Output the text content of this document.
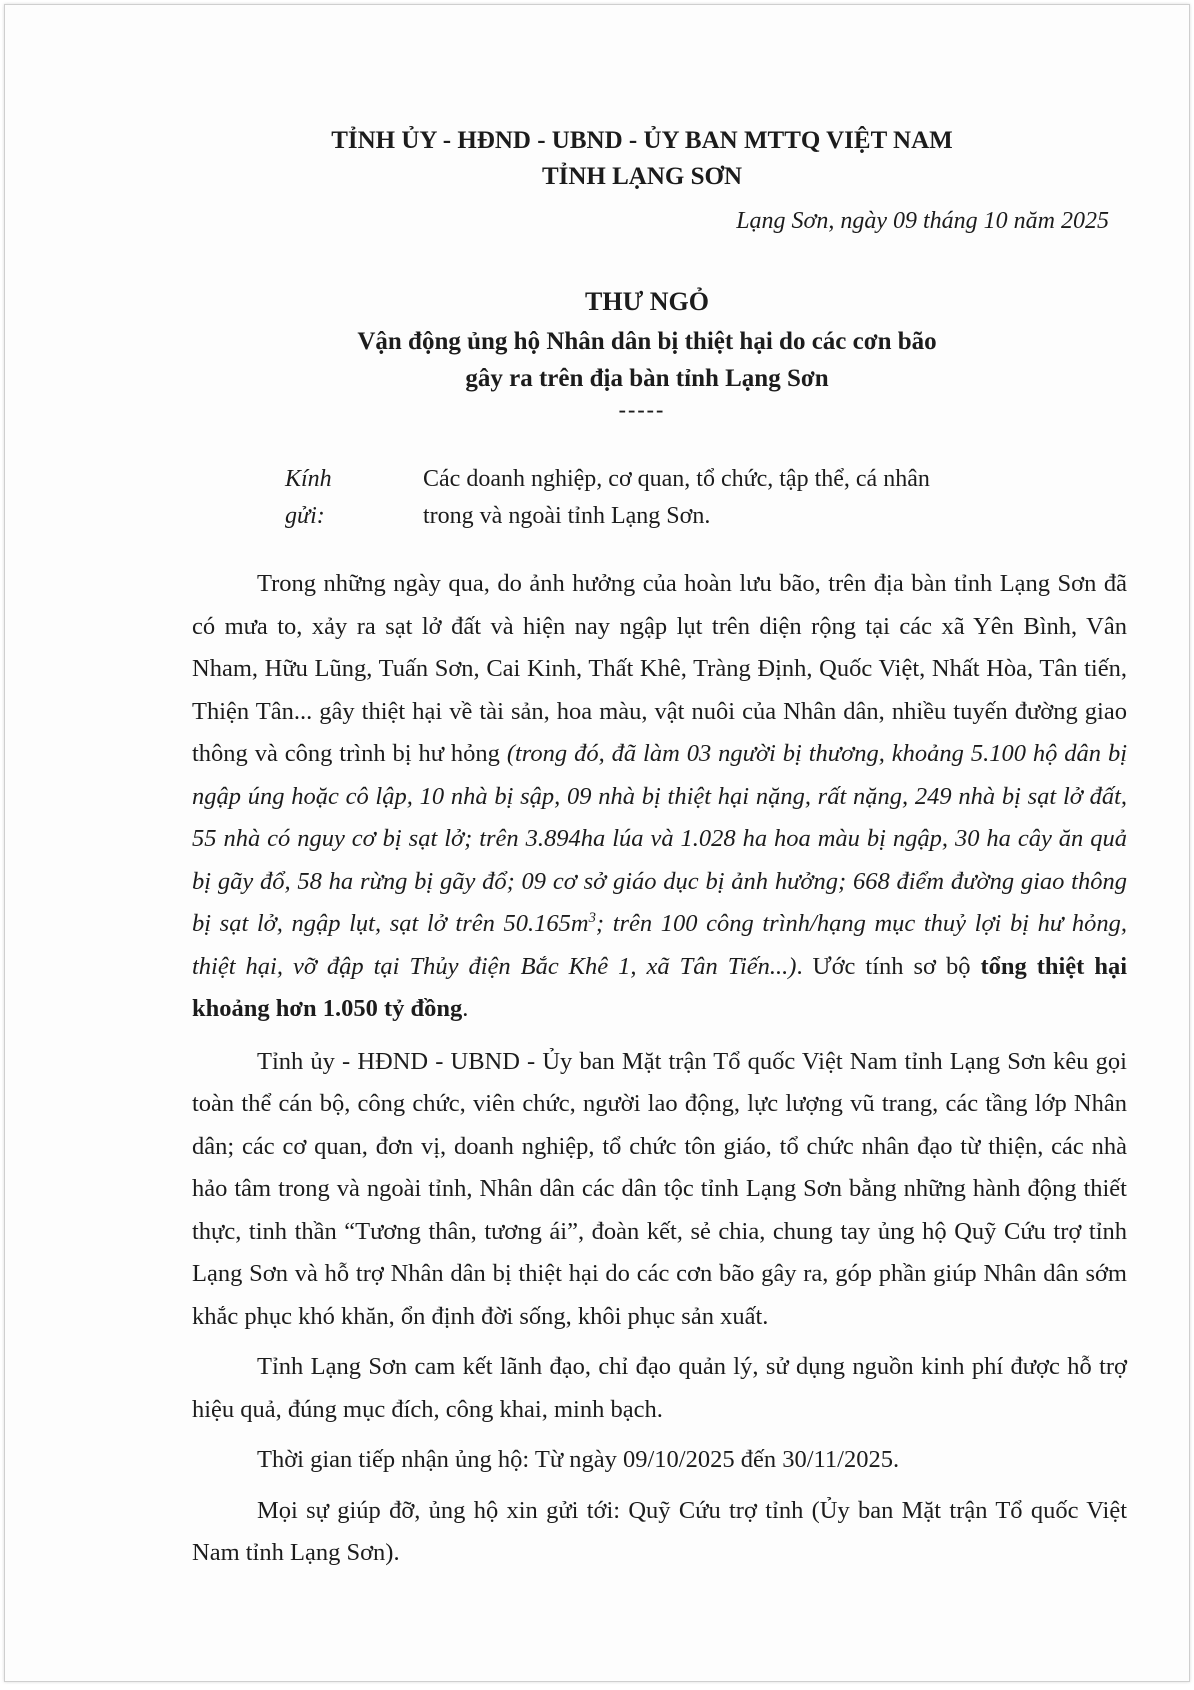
TỈNH ỦY - HĐND - UBND - ỦY BAN MTTQ VIỆT NAM
TỈNH LẠNG SƠN
Lạng Sơn, ngày 09 tháng 10 năm 2025
THƯ NGỎ
Vận động ủng hộ Nhân dân bị thiệt hại do các cơn bão
gây ra trên địa bàn tỉnh Lạng Sơn
-----
Kính gửi:
Các doanh nghiệp, cơ quan, tổ chức, tập thể, cá nhân
trong và ngoài tỉnh Lạng Sơn.

Trong những ngày qua, do ảnh hưởng của hoàn lưu bão, trên địa bàn tỉnh Lạng Sơn đã có mưa to, xảy ra sạt lở đất và hiện nay ngập lụt trên diện rộng tại các xã Yên Bình, Vân Nham, Hữu Lũng, Tuấn Sơn, Cai Kinh, Thất Khê, Tràng Định, Quốc Việt, Nhất Hòa, Tân tiến, Thiện Tân... gây thiệt hại về tài sản, hoa màu, vật nuôi của Nhân dân, nhiều tuyến đường giao thông và công trình bị hư hỏng (trong đó, đã làm 03 người bị thương, khoảng 5.100 hộ dân bị ngập úng hoặc cô lập, 10 nhà bị sập, 09 nhà bị thiệt hại nặng, rất nặng, 249 nhà bị sạt lở đất, 55 nhà có nguy cơ bị sạt lở; trên 3.894ha lúa và 1.028 ha hoa màu bị ngập, 30 ha cây ăn quả bị gãy đổ, 58 ha rừng bị gãy đổ; 09 cơ sở giáo dục bị ảnh hưởng; 668 điểm đường giao thông bị sạt lở, ngập lụt, sạt lở trên $50.165m^3$; trên 100 công trình/hạng mục thuỷ lợi bị hư hỏng, thiệt hại, vỡ đập tại Thủy điện Bắc Khê 1, xã Tân Tiến...). Ước tính sơ bộ tổng thiệt hại khoảng hơn 1.050 tỷ đồng.

Tỉnh ủy - HĐND - UBND - Ủy ban Mặt trận Tổ quốc Việt Nam tỉnh Lạng Sơn kêu gọi toàn thể cán bộ, công chức, viên chức, người lao động, lực lượng vũ trang, các tầng lớp Nhân dân; các cơ quan, đơn vị, doanh nghiệp, tổ chức tôn giáo, tổ chức nhân đạo từ thiện, các nhà hảo tâm trong và ngoài tỉnh, Nhân dân các dân tộc tỉnh Lạng Sơn bằng những hành động thiết thực, tinh thần “Tương thân, tương ái”, đoàn kết, sẻ chia, chung tay ủng hộ Quỹ Cứu trợ tỉnh Lạng Sơn và hỗ trợ Nhân dân bị thiệt hại do các cơn bão gây ra, góp phần giúp Nhân dân sớm khắc phục khó khăn, ổn định đời sống, khôi phục sản xuất.

Tỉnh Lạng Sơn cam kết lãnh đạo, chỉ đạo quản lý, sử dụng nguồn kinh phí được hỗ trợ hiệu quả, đúng mục đích, công khai, minh bạch.

Thời gian tiếp nhận ủng hộ: Từ ngày 09/10/2025 đến 30/11/2025.

Mọi sự giúp đỡ, ủng hộ xin gửi tới: Quỹ Cứu trợ tỉnh (Ủy ban Mặt trận Tổ quốc Việt Nam tỉnh Lạng Sơn).
